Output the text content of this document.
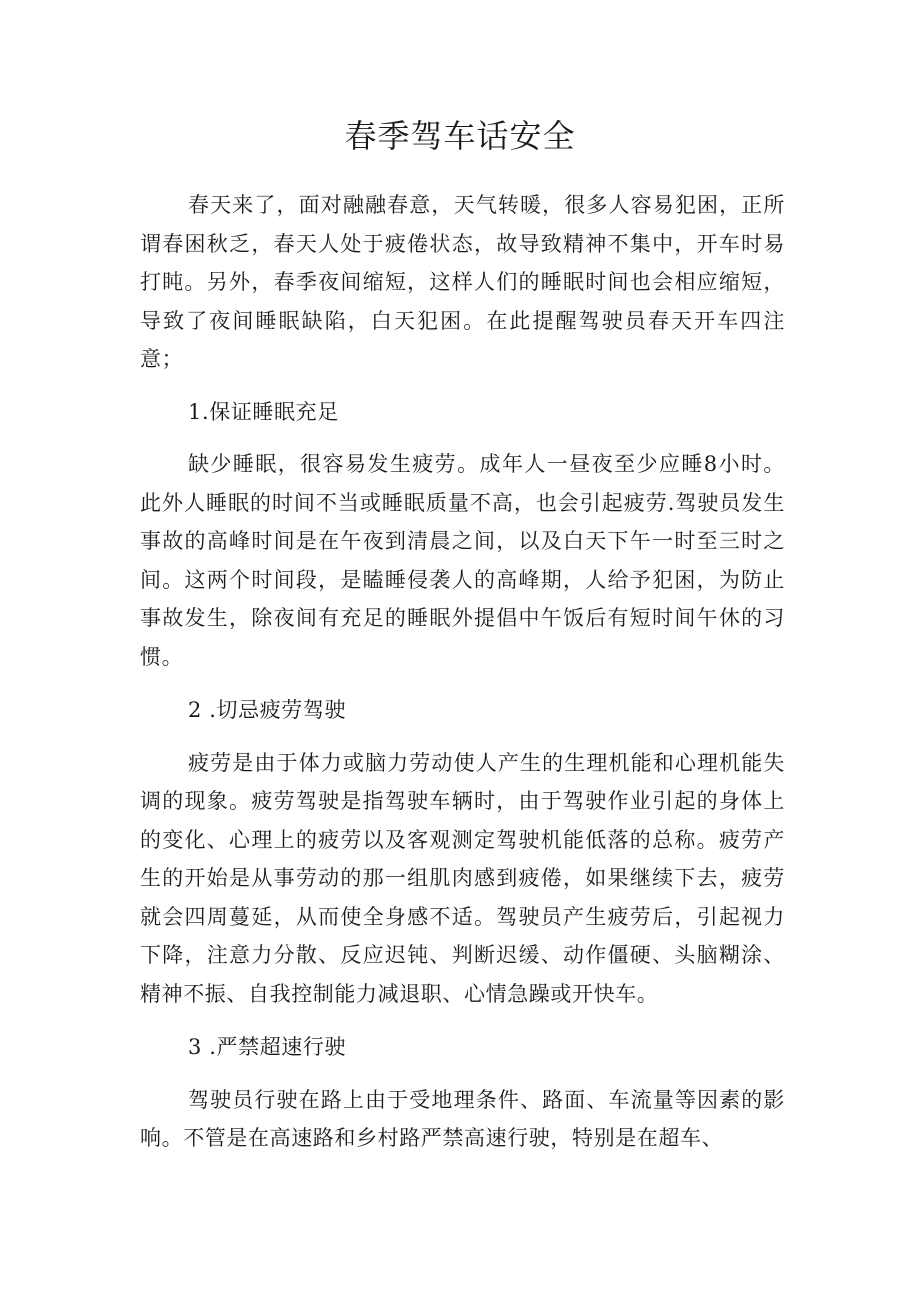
春季驾车话安全

春天来了，面对融融春意，天气转暖，很多人容易犯困，正所谓春困秋乏，春天人处于疲倦状态，故导致精神不集中，开车时易打盹。另外，春季夜间缩短，这样人们的睡眠时间也会相应缩短，导致了夜间睡眠缺陷，白天犯困。在此提醒驾驶员春天开车四注意；

1.保证睡眠充足

缺少睡眠，很容易发生疲劳。成年人一昼夜至少应睡8小时。此外人睡眠的时间不当或睡眠质量不高，也会引起疲劳.驾驶员发生事故的高峰时间是在午夜到清晨之间，以及白天下午一时至三时之间。这两个时间段，是瞌睡侵袭人的高峰期，人给予犯困，为防止事故发生，除夜间有充足的睡眠外提倡中午饭后有短时间午休的习惯。

2 .切忌疲劳驾驶

疲劳是由于体力或脑力劳动使人产生的生理机能和心理机能失调的现象。疲劳驾驶是指驾驶车辆时，由于驾驶作业引起的身体上的变化、心理上的疲劳以及客观测定驾驶机能低落的总称。疲劳产生的开始是从事劳动的那一组肌肉感到疲倦，如果继续下去，疲劳就会四周蔓延，从而使全身感不适。驾驶员产生疲劳后，引起视力下降，注意力分散、反应迟钝、判断迟缓、动作僵硬、头脑糊涂、精神不振、自我控制能力减退职、心情急躁或开快车。

3 .严禁超速行驶

驾驶员行驶在路上由于受地理条件、路面、车流量等因素的影响。不管是在高速路和乡村路严禁高速行驶，特别是在超车、
